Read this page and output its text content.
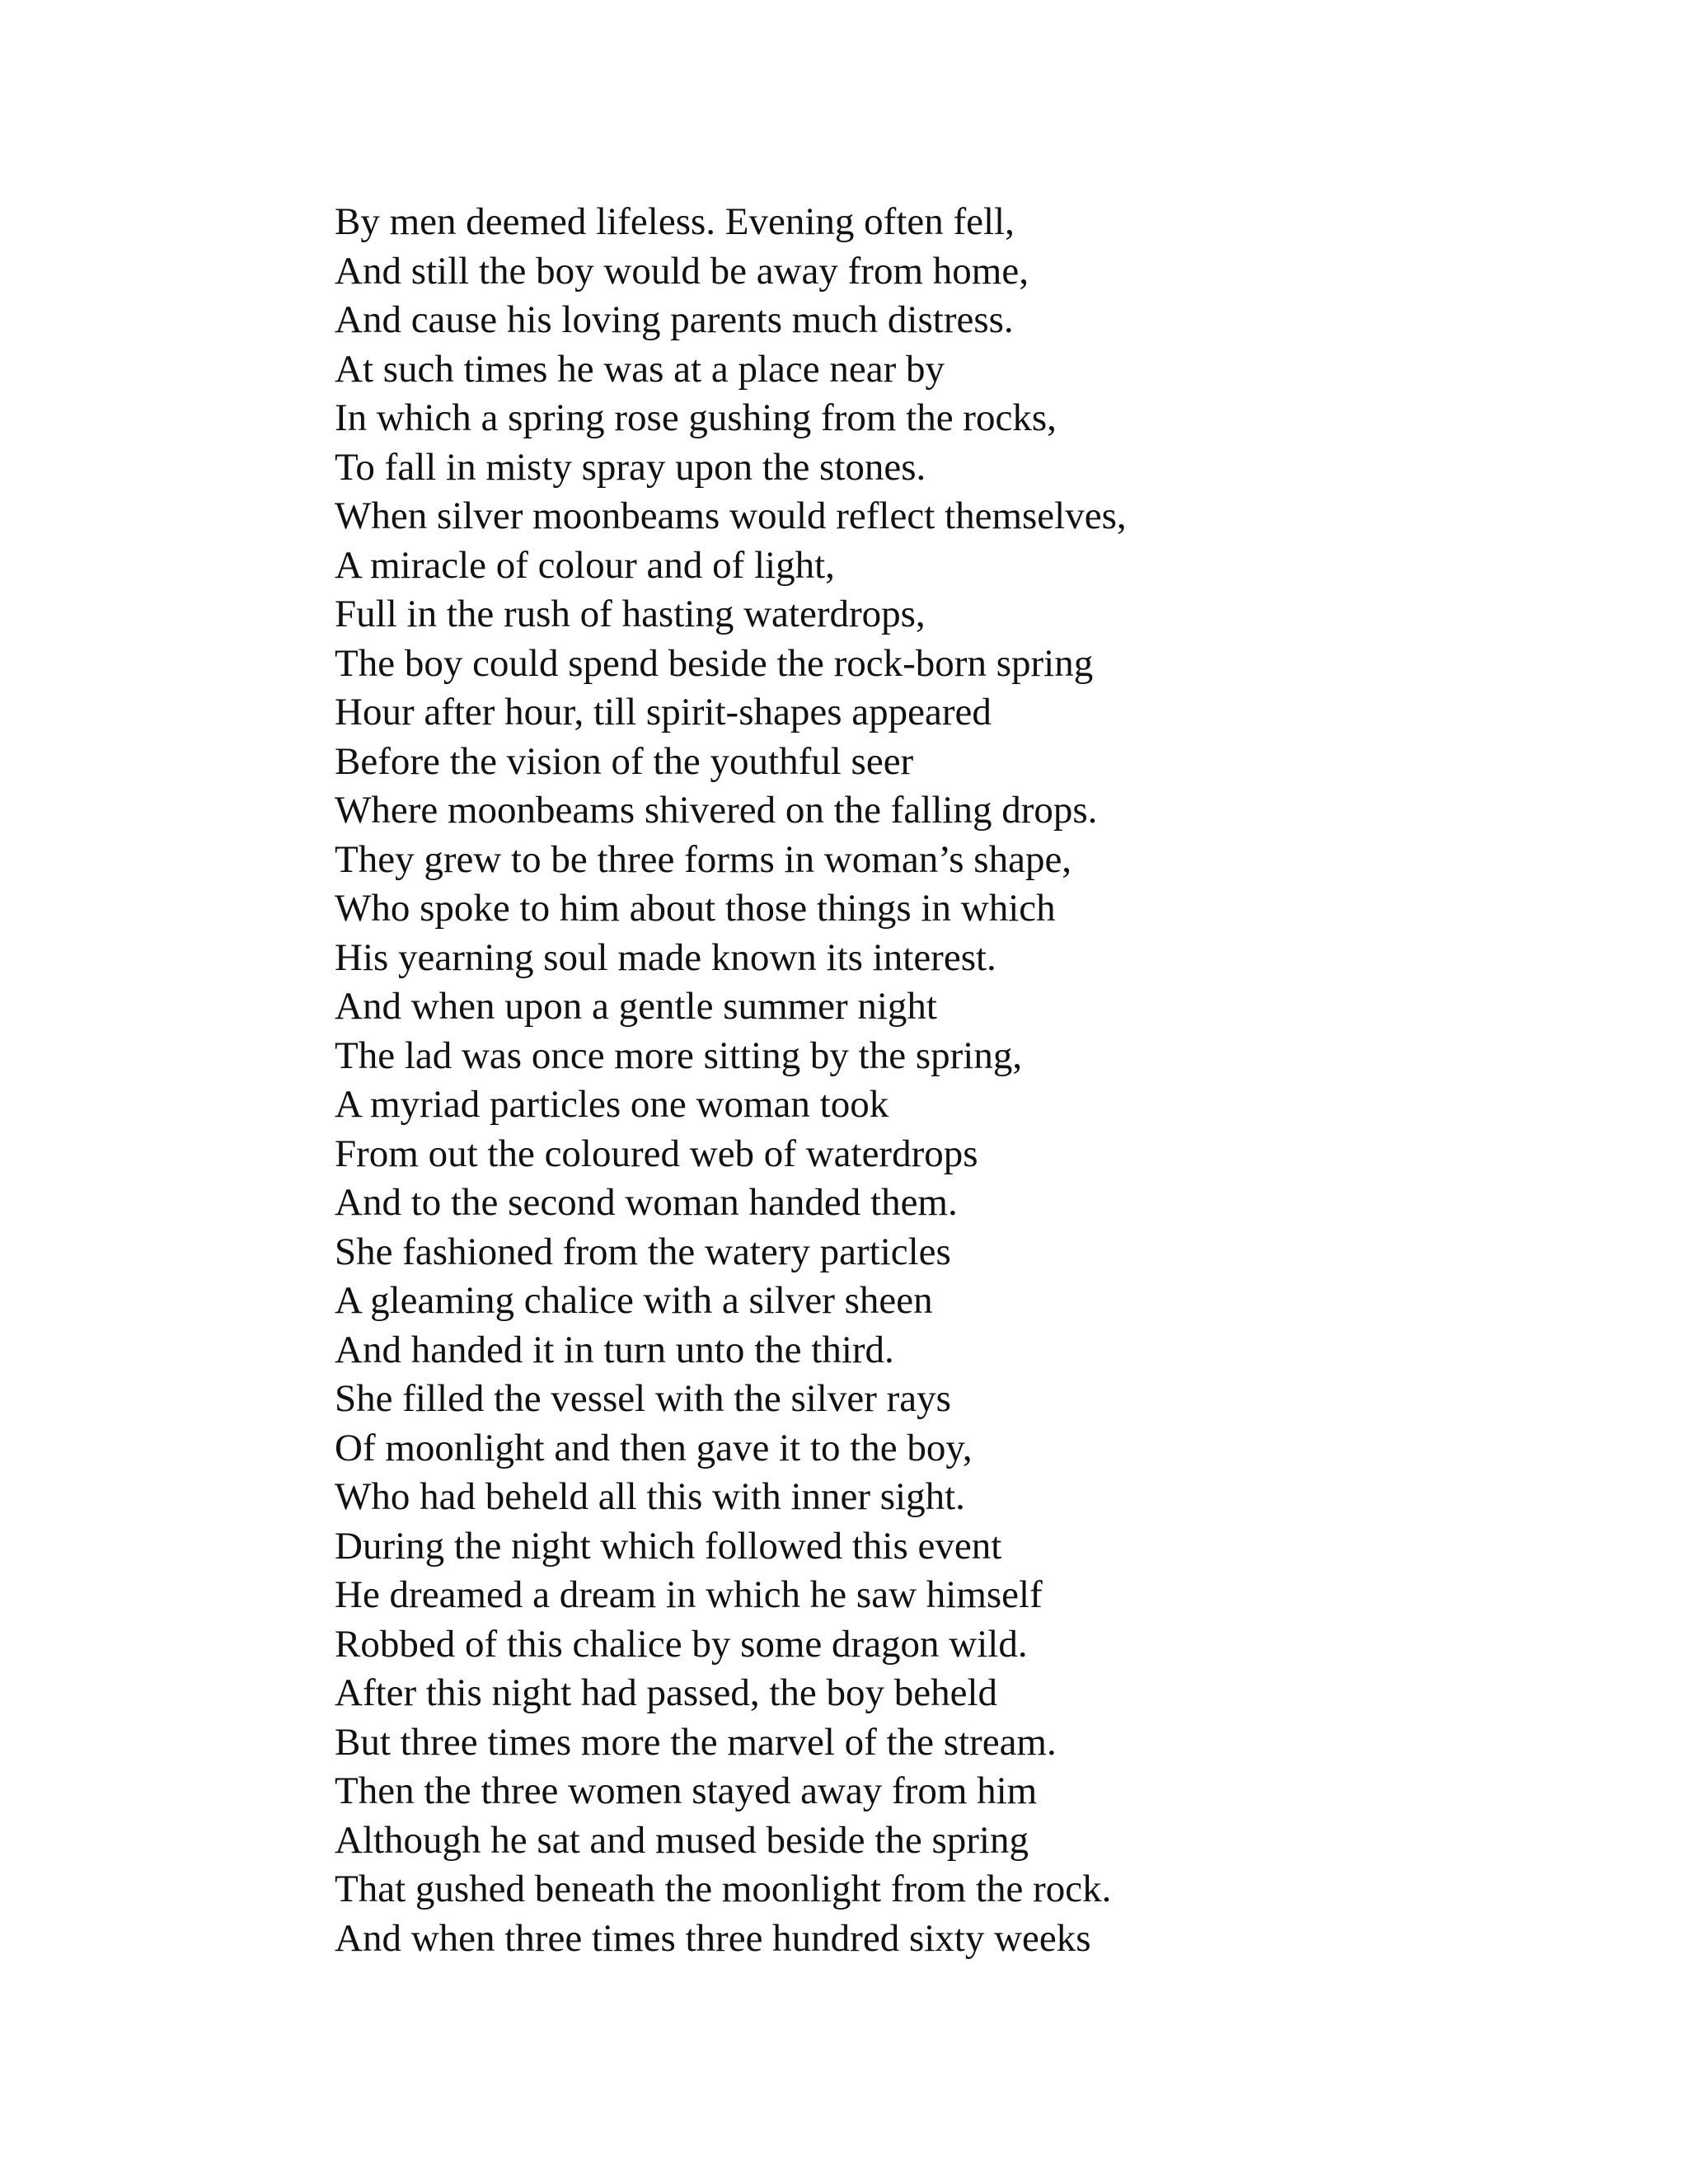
By men deemed lifeless. Evening often fell,
And still the boy would be away from home,
And cause his loving parents much distress.
At such times he was at a place near by
In which a spring rose gushing from the rocks,
To fall in misty spray upon the stones.
When silver moonbeams would reflect themselves,
A miracle of colour and of light,
Full in the rush of hasting waterdrops,
The boy could spend beside the rock-born spring
Hour after hour, till spirit-shapes appeared
Before the vision of the youthful seer
Where moonbeams shivered on the falling drops.
They grew to be three forms in woman’s shape,
Who spoke to him about those things in which
His yearning soul made known its interest.
And when upon a gentle summer night
The lad was once more sitting by the spring,
A myriad particles one woman took
From out the coloured web of waterdrops
And to the second woman handed them.
She fashioned from the watery particles
A gleaming chalice with a silver sheen
And handed it in turn unto the third.
She filled the vessel with the silver rays
Of moonlight and then gave it to the boy,
Who had beheld all this with inner sight.
During the night which followed this event
He dreamed a dream in which he saw himself
Robbed of this chalice by some dragon wild.
After this night had passed, the boy beheld
But three times more the marvel of the stream.
Then the three women stayed away from him
Although he sat and mused beside the spring
That gushed beneath the moonlight from the rock.
And when three times three hundred sixty weeks
